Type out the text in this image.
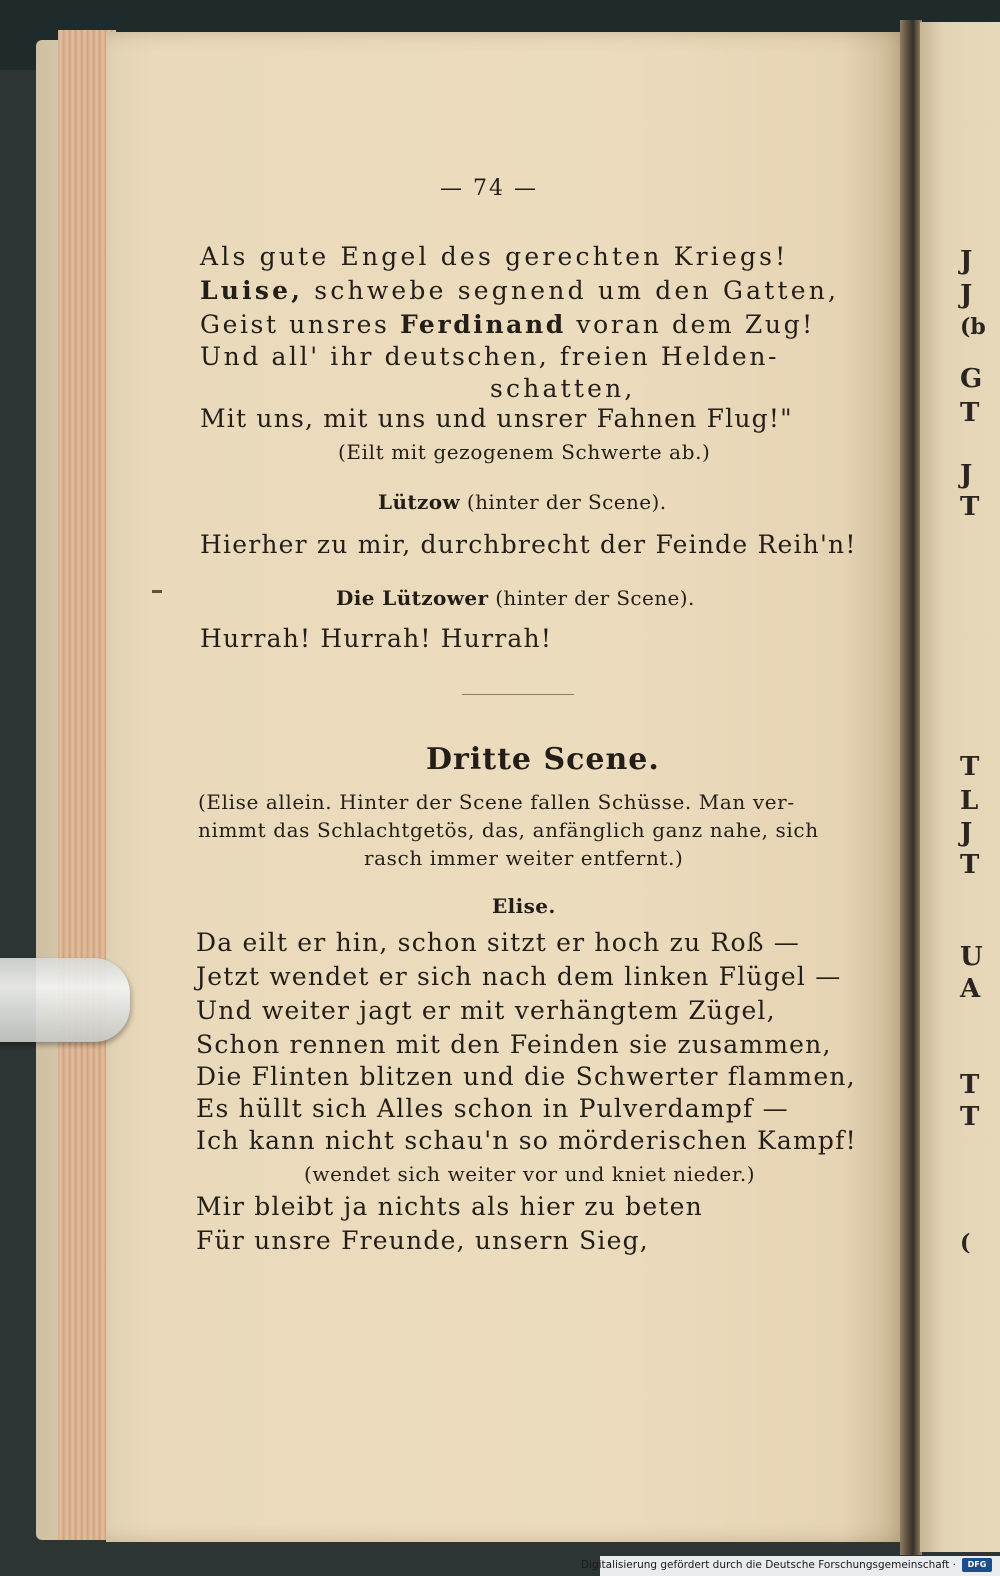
J
J
(b
G
T
J
T
T
L
J
T
U
A
T
T
(
— 74 —
Als gute Engel des gerechten Kriegs!
Luise, schwebe segnend um den Gatten,
Geist unsres Ferdinand voran dem Zug!
Und all' ihr deutschen, freien Helden-
schatten,
Mit uns, mit uns und unsrer Fahnen Flug!"
(Eilt mit gezogenem Schwerte ab.)
Lützow (hinter der Scene).
Hierher zu mir, durchbrecht der Feinde Reih'n!
Die Lützower (hinter der Scene).
Hurrah! Hurrah! Hurrah!
Dritte Scene.
(Elise allein. Hinter der Scene fallen Schüsse. Man ver-
nimmt das Schlachtgetös, das, anfänglich ganz nahe, sich
rasch immer weiter entfernt.)
Elise.
Da eilt er hin, schon sitzt er hoch zu Roß —
Jetzt wendet er sich nach dem linken Flügel —
Und weiter jagt er mit verhängtem Zügel,
Schon rennen mit den Feinden sie zusammen,
Die Flinten blitzen und die Schwerter flammen,
Es hüllt sich Alles schon in Pulverdampf —
Ich kann nicht schau'n so mörderischen Kampf!
(wendet sich weiter vor und kniet nieder.)
Mir bleibt ja nichts als hier zu beten
Für unsre Freunde, unsern Sieg,
Digitalisierung gefördert durch die Deutsche Forschungsgemeinschaft ·	DFG
